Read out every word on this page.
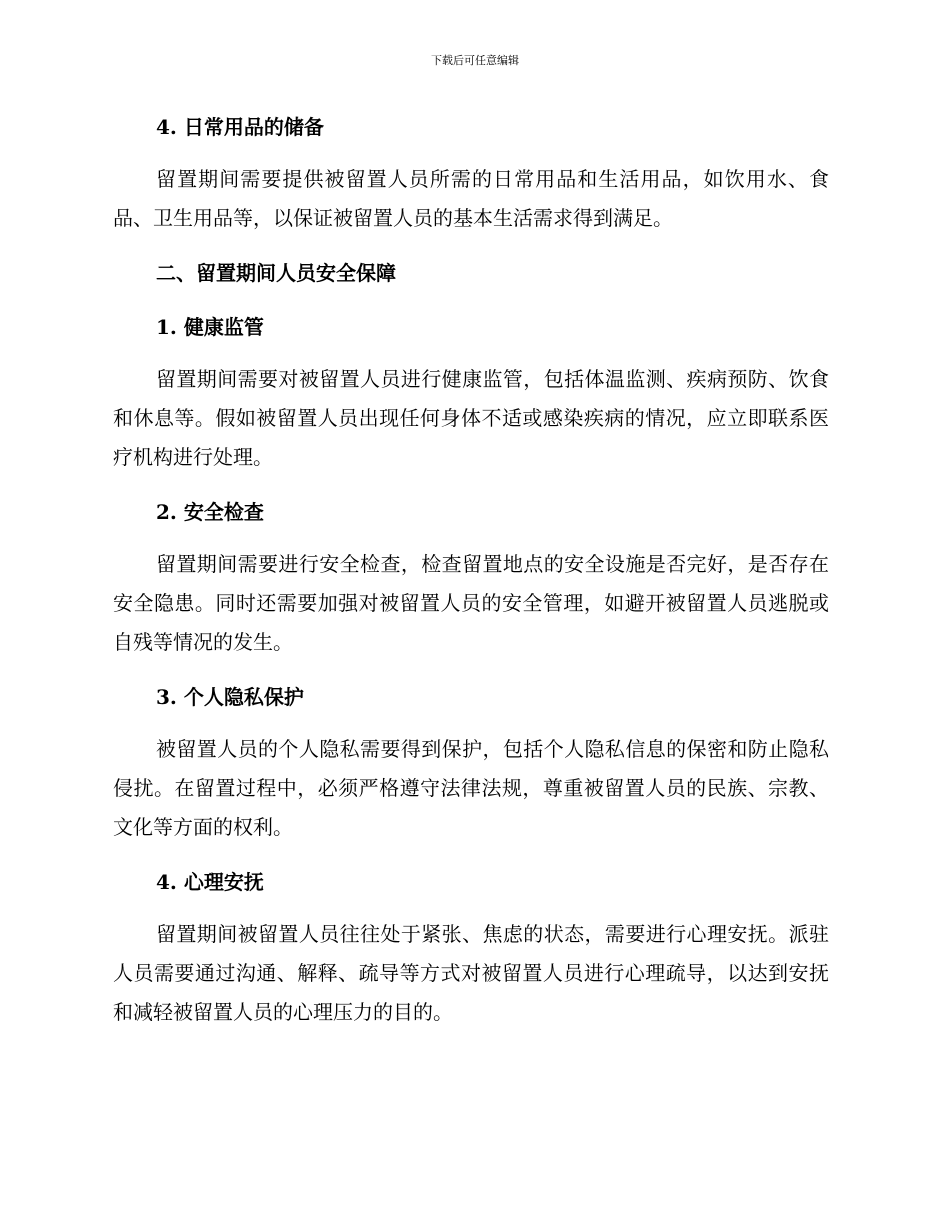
下载后可任意编辑
4. 日常用品的储备

留置期间需要提供被留置人员所需的日常用品和生活用品，如饮用水、食品、卫生用品等，以保证被留置人员的基本生活需求得到满足。

二、留置期间人员安全保障
1. 健康监管

留置期间需要对被留置人员进行健康监管，包括体温监测、疾病预防、饮食和休息等。假如被留置人员出现任何身体不适或感染疾病的情况，应立即联系医疗机构进行处理。

2. 安全检查

留置期间需要进行安全检查，检查留置地点的安全设施是否完好，是否存在安全隐患。同时还需要加强对被留置人员的安全管理，如避开被留置人员逃脱或自残等情况的发生。

3. 个人隐私保护

被留置人员的个人隐私需要得到保护，包括个人隐私信息的保密和防止隐私侵扰。在留置过程中，必须严格遵守法律法规，尊重被留置人员的民族、宗教、文化等方面的权利。

4. 心理安抚

留置期间被留置人员往往处于紧张、焦虑的状态，需要进行心理安抚。派驻人员需要通过沟通、解释、疏导等方式对被留置人员进行心理疏导，以达到安抚和减轻被留置人员的心理压力的目的。
